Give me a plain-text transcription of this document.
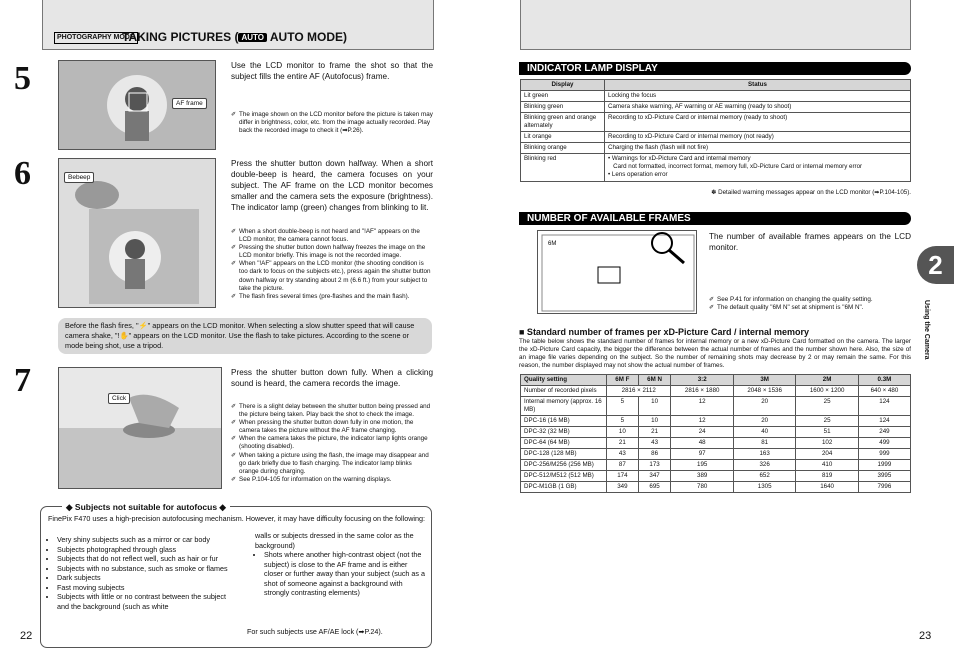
PHOTOGRAPHY MODE
TAKING PICTURES ( AUTO AUTO MODE)
5
AF frame
Use the LCD monitor to frame the shot so that the subject fills the entire AF (Autofocus) frame.
✐ The image shown on the LCD monitor before the picture is taken may differ in brightness, color, etc. from the image actually recorded. Play back the recorded image to check it (➡P.26).
6	Bebeep
Press the shutter button down halfway. When a short double-beep is heard, the camera focuses on your subject. The AF frame on the LCD monitor becomes smaller and the camera sets the exposure (brightness). The indicator lamp (green) changes from blinking to lit.
✐ When a short double-beep is not heard and "!AF" appears on the LCD monitor, the camera cannot focus.
✐ Pressing the shutter button down halfway freezes the image on the LCD monitor briefly. This image is not the recorded image.
✐ When "!AF" appears on the LCD monitor (the shooting condition is too dark to focus on the subjects etc.), press again the shutter button down halfway or try standing about 2 m (6.6 ft.) from your subject to take the picture.
✐ The flash fires several times (pre-flashes and the main flash).
Before the flash fires, "⚡" appears on the LCD monitor. When selecting a slow shutter speed that will cause camera shake, "!✋" appears on the LCD monitor. Use the flash to take pictures. According to the scene or mode being shot, use a tripod.
7	Click
Press the shutter button down fully. When a clicking sound is heard, the camera records the image.
✐ There is a slight delay between the shutter button being pressed and the picture being taken. Play back the shot to check the image.
✐ When pressing the shutter button down fully in one motion, the camera takes the picture without the AF frame changing.
✐ When the camera takes the picture, the indicator lamp lights orange (shooting disabled).
✐ When taking a picture using the flash, the image may disappear and go dark briefly due to flash charging. The indicator lamp blinks orange during charging.
✐ See P.104-105 for information on the warning displays.
FinePix F470 uses a high-precision autofocusing mechanism. However, it may have difficulty focusing on the following:
• Very shiny subjects such as a mirror or car body
• Subjects photographed through glass
• Subjects that do not reflect well, such as hair or fur
• Subjects with no substance, such as smoke or flames
• Dark subjects
• Fast moving subjects
• Subjects with little or no contrast between the subject and the background (such as white
walls or subjects dressed in the same color as the background)
• Shots where another high-contrast object (not the subject) is close to the AF frame and is either closer or further away than your subject (such as a shot of someone against a background with strongly contrasting elements)
For such subjects use AF/AE lock (➡P.24).
◆ Subjects not suitable for autofocus ◆
22
INDICATOR LAMP DISPLAY
Display	Status
Lit green	Locking the focus
Blinking green	Camera shake warning, AF warning or AE warning (ready to shoot)
Blinking green and orange alternately	Recording to xD-Picture Card or internal memory (ready to shoot)
Lit orange	Recording to xD-Picture Card or internal memory (not ready)
Blinking orange	Charging the flash (flash will not fire)
Blinking red	• Warnings for xD-Picture Card and internal memory
Card not formatted, incorrect format, memory full, xD-Picture Card or internal memory error
• Lens operation error
✽ Detailed warning messages appear on the LCD monitor (➡P.104-105).
NUMBER OF AVAILABLE FRAMES
6M
The number of available frames appears on the LCD monitor.
✐ See P.41 for information on changing the quality setting.
✐ The default quality "6M N" set at shipment is "6M N".
■ Standard number of frames per xD-Picture Card / internal memory
The table below shows the standard number of frames for internal memory or a new xD-Picture Card formatted on the camera. The larger the xD-Picture Card capacity, the bigger the difference between the actual number of frames and the number shown here. Also, the size of an image file varies depending on the subject. So the number of remaining shots may decrease by 2 or may remain the same. For this reason, the number displayed may not show the actual number of frames.
Quality setting	6M F	6M N	3:2	3M	2M	0.3M
Number of recorded pixels	2816 × 2112		2816 × 1880	2048 × 1536	1600 × 1200	640 × 480
Internal memory (approx. 16 MB)	5	10	12	20	25	124
DPC-16 (16 MB)	5	10	12	20	25	124
DPC-32 (32 MB)	10	21	24	40	51	249
DPC-64 (64 MB)	21	43	48	81	102	499
DPC-128 (128 MB)	43	86	97	163	204	999
DPC-256/M256 (256 MB)	87	173	195	326	410	1999
DPC-512/M512 (512 MB)	174	347	389	652	819	3995
DPC-M1GB (1 GB)	349	695	780	1305	1640	7996
2
Using the Camera
23
